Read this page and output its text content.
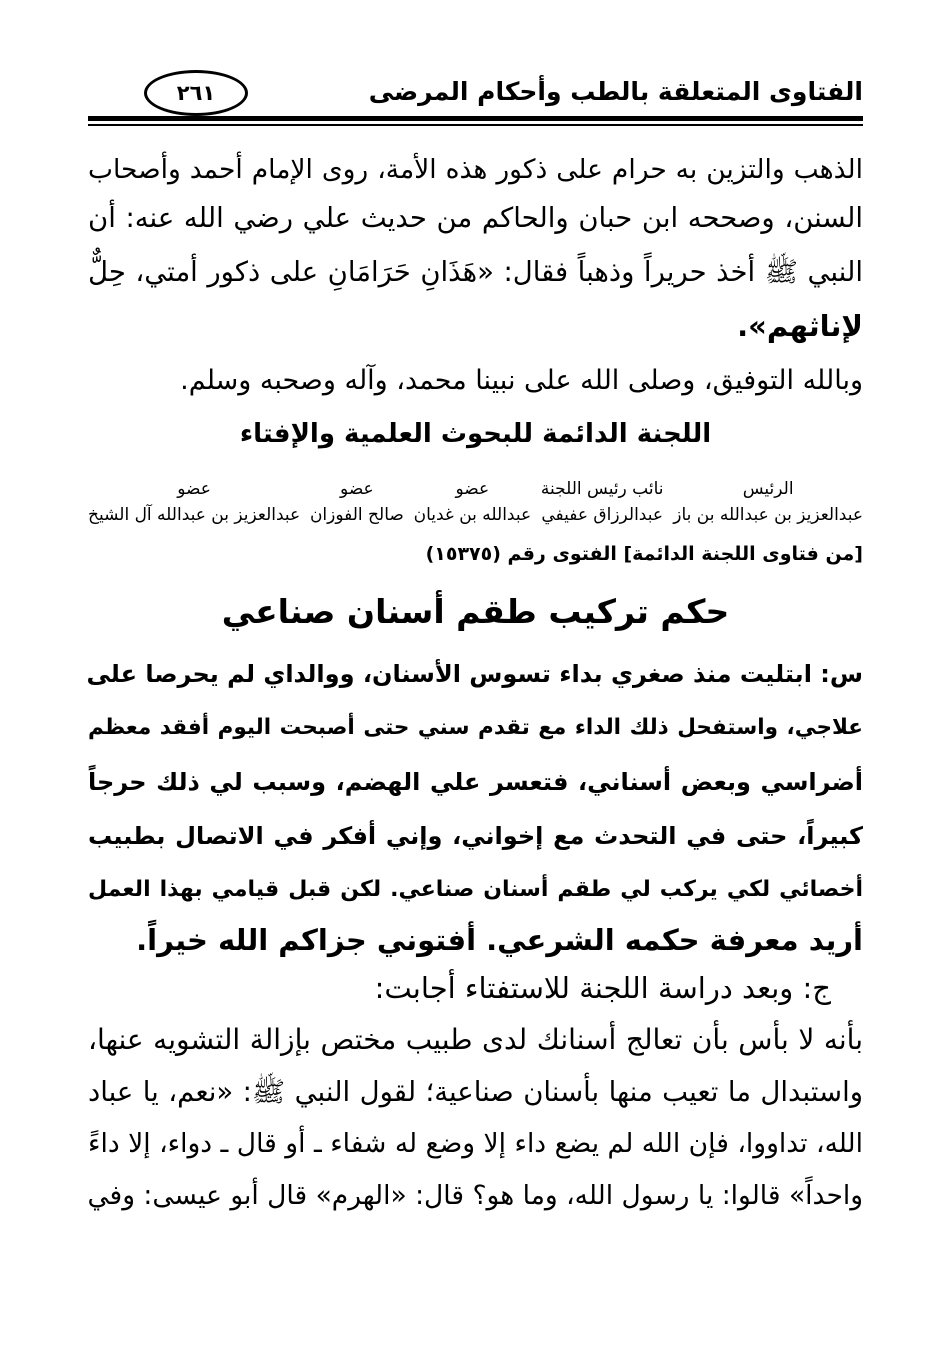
الفتاوى المتعلقة بالطب وأحكام المرضى
٢٦١
الذهب والتزين به حرام على ذكور هذه الأمة، روى الإمام أحمد وأصحاب
السنن، وصححه ابن حبان والحاكم من حديث علي رضي الله عنه: أن
النبي ﷺ أخذ حريراً وذهباً فقال: «هَذَانِ حَرَامَانِ على ذكور أمتي، حِلٌّ
لإناثهم».
وبالله التوفيق، وصلى الله على نبينا محمد، وآله وصحبه وسلم.
اللجنة الدائمة للبحوث العلمية والإفتاء
الرئيس
عبدالعزيز بن عبدالله بن باز
نائب رئيس اللجنة
عبدالرزاق عفيفي
عضو
عبدالله بن غديان
عضو
صالح الفوزان
عضو
عبدالعزيز بن عبدالله آل الشيخ
[من فتاوى اللجنة الدائمة] الفتوى رقم (١٥٣٧٥)
حكم تركيب طقم أسنان صناعي
س: ابتليت منذ صغري بداء تسوس الأسنان، ووالداي لم يحرصا على
علاجي، واستفحل ذلك الداء مع تقدم سني حتى أصبحت اليوم أفقد معظم
أضراسي وبعض أسناني، فتعسر علي الهضم، وسبب لي ذلك حرجاً
كبيراً، حتى في التحدث مع إخواني، وإني أفكر في الاتصال بطبيب
أخصائي لكي يركب لي طقم أسنان صناعي. لكن قبل قيامي بهذا العمل
أريد معرفة حكمه الشرعي. أفتوني جزاكم الله خيراً.
ج: وبعد دراسة اللجنة للاستفتاء أجابت:
بأنه لا بأس بأن تعالج أسنانك لدى طبيب مختص بإزالة التشويه عنها،
واستبدال ما تعيب منها بأسنان صناعية؛ لقول النبي ﷺ: «نعم، يا عباد
الله، تداووا، فإن الله لم يضع داء إلا وضع له شفاء ـ أو قال ـ دواء، إلا داءً
واحداً» قالوا: يا رسول الله، وما هو؟ قال: «الهرم» قال أبو عيسى: وفي
